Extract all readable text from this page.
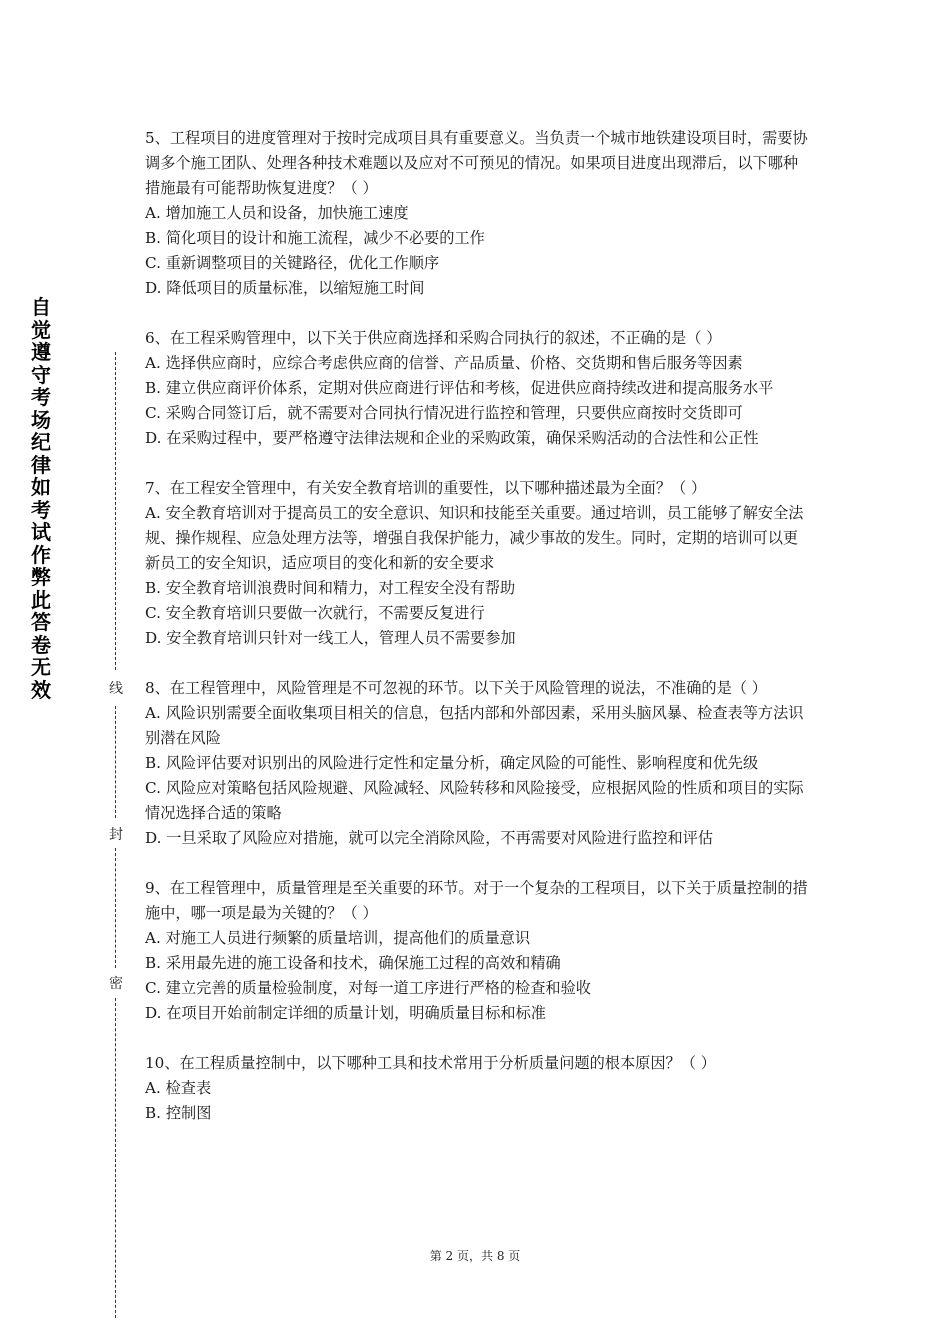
自觉遵守考场纪律如考试作弊此答卷无效	线
封
密

5、工程项目的进度管理对于按时完成项目具有重要意义。当负责一个城市地铁建设项目时，需要协调多个施工团队、处理各种技术难题以及应对不可预见的情况。如果项目进度出现滞后，以下哪种措施最有可能帮助恢复进度？（ ）

A. 增加施工人员和设备，加快施工速度

B. 简化项目的设计和施工流程，减少不必要的工作

C. 重新调整项目的关键路径，优化工作顺序

D. 降低项目的质量标准，以缩短施工时间

6、在工程采购管理中，以下关于供应商选择和采购合同执行的叙述，不正确的是（ ）

A. 选择供应商时，应综合考虑供应商的信誉、产品质量、价格、交货期和售后服务等因素

B. 建立供应商评价体系，定期对供应商进行评估和考核，促进供应商持续改进和提高服务水平

C. 采购合同签订后，就不需要对合同执行情况进行监控和管理，只要供应商按时交货即可

D. 在采购过程中，要严格遵守法律法规和企业的采购政策，确保采购活动的合法性和公正性

7、在工程安全管理中，有关安全教育培训的重要性，以下哪种描述最为全面？（ ）

A. 安全教育培训对于提高员工的安全意识、知识和技能至关重要。通过培训，员工能够了解安全法规、操作规程、应急处理方法等，增强自我保护能力，减少事故的发生。同时，定期的培训可以更新员工的安全知识，适应项目的变化和新的安全要求

B. 安全教育培训浪费时间和精力，对工程安全没有帮助

C. 安全教育培训只要做一次就行，不需要反复进行

D. 安全教育培训只针对一线工人，管理人员不需要参加

8、在工程管理中，风险管理是不可忽视的环节。以下关于风险管理的说法，不准确的是（ ）

A. 风险识别需要全面收集项目相关的信息，包括内部和外部因素，采用头脑风暴、检查表等方法识别潜在风险

B. 风险评估要对识别出的风险进行定性和定量分析，确定风险的可能性、影响程度和优先级

C. 风险应对策略包括风险规避、风险减轻、风险转移和风险接受，应根据风险的性质和项目的实际情况选择合适的策略

D. 一旦采取了风险应对措施，就可以完全消除风险，不再需要对风险进行监控和评估

9、在工程管理中，质量管理是至关重要的环节。对于一个复杂的工程项目，以下关于质量控制的措施中，哪一项是最为关键的？（ ）

A. 对施工人员进行频繁的质量培训，提高他们的质量意识

B. 采用最先进的施工设备和技术，确保施工过程的高效和精确

C. 建立完善的质量检验制度，对每一道工序进行严格的检查和验收

D. 在项目开始前制定详细的质量计划，明确质量目标和标准

10、在工程质量控制中，以下哪种工具和技术常用于分析质量问题的根本原因？（ ）

A. 检查表

B. 控制图

第 2 页，共 8 页
